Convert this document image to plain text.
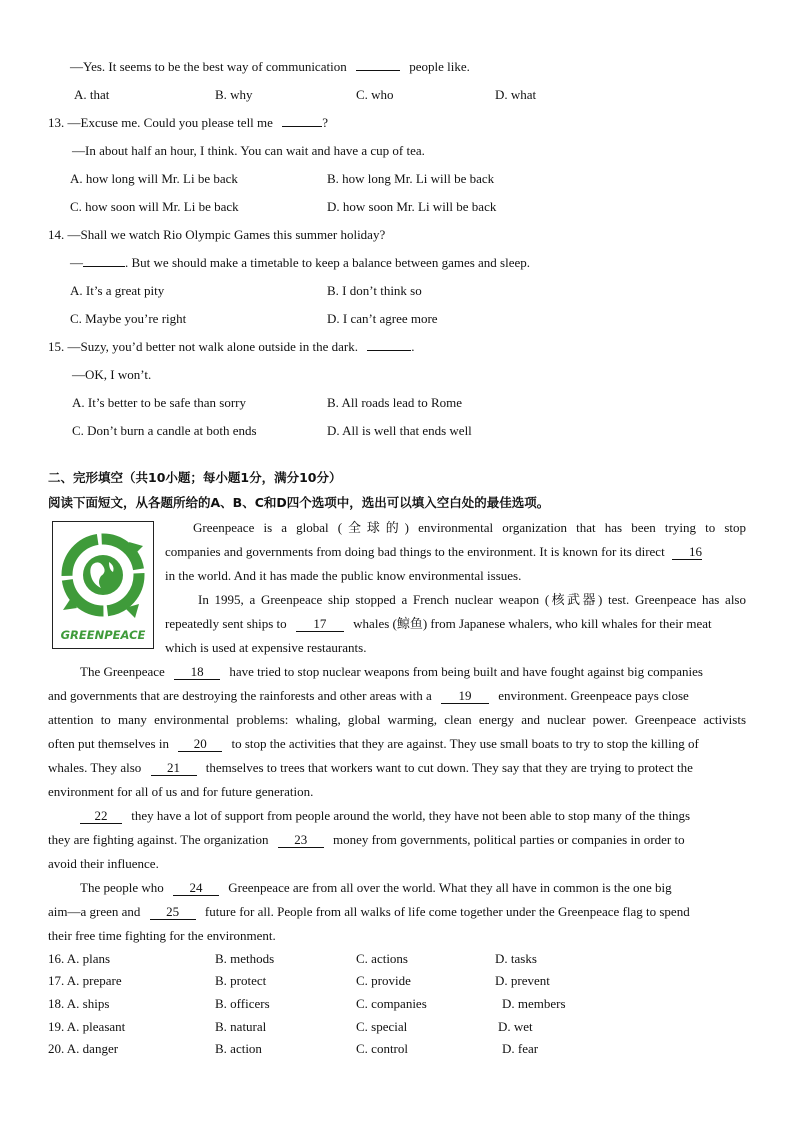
—Yes. It seems to be the best way of communication	people like.
A. that	B. why	C. who	D. what
13. —Excuse me. Could you please tell me	?
—In about half an hour, I think. You can wait and have a cup of tea.
A. how long will Mr. Li be back	B. how long Mr. Li will be back
C. how soon will Mr. Li be back	D. how soon Mr. Li will be back
14. —Shall we watch Rio Olympic Games this summer holiday?
—	. But we should make a timetable to keep a balance between games and sleep.
A. It’s a great pity	B. I don’t think so
C. Maybe you’re right	D. I can’t agree more
15. —Suzy, you’d better not walk alone outside in the dark.	.
—OK, I won’t.
A. It’s better to be safe than sorry	B. All roads lead to Rome
C. Don’t burn a candle at both ends	D. All is well that ends well
二、完形填空（共10小题；每小题1分，满分10分）
阅读下面短文，从各题所给的A、B、C和D四个选项中，选出可以填入空白处的最佳选项。
GREENPEACE
Greenpeace is a global (全球的) environmental organization that has been trying to stop
companies and governments from doing bad things to the environment. It is known for its direct 16
in the world. And it has made the public know environmental issues.
In 1995, a Greenpeace ship stopped a French nuclear weapon (核武器) test. Greenpeace has also
repeatedly sent ships to 17 whales (鲸鱼) from Japanese whalers, who kill whales for their meat
which is used at expensive restaurants.
The Greenpeace 18 have tried to stop nuclear weapons from being built and have fought against big companies
and governments that are destroying the rainforests and other areas with a 19 environment. Greenpeace pays close
attention to many environmental problems: whaling, global warming, clean energy and nuclear power. Greenpeace activists
often put themselves in 20 to stop the activities that they are against. They use small boats to try to stop the killing of
whales. They also 21 themselves to trees that workers want to cut down. They say that they are trying to protect the
environment for all of us and for future generation.
22 they have a lot of support from people around the world, they have not been able to stop many of the things
they are fighting against. The organization 23 money from governments, political parties or companies in order to
avoid their influence.
The people who 24 Greenpeace are from all over the world. What they all have in common is the one big
aim—a green and 25 future for all. People from all walks of life come together under the Greenpeace flag to spend
their free time fighting for the environment.
16. A. plans	B. methods	C. actions	D. tasks
17. A. prepare	B. protect	C. provide	D. prevent
18. A. ships	B. officers	C. companies	D. members
19. A. pleasant	B. natural	C. special	D. wet
20. A. danger	B. action	C. control	D. fear
